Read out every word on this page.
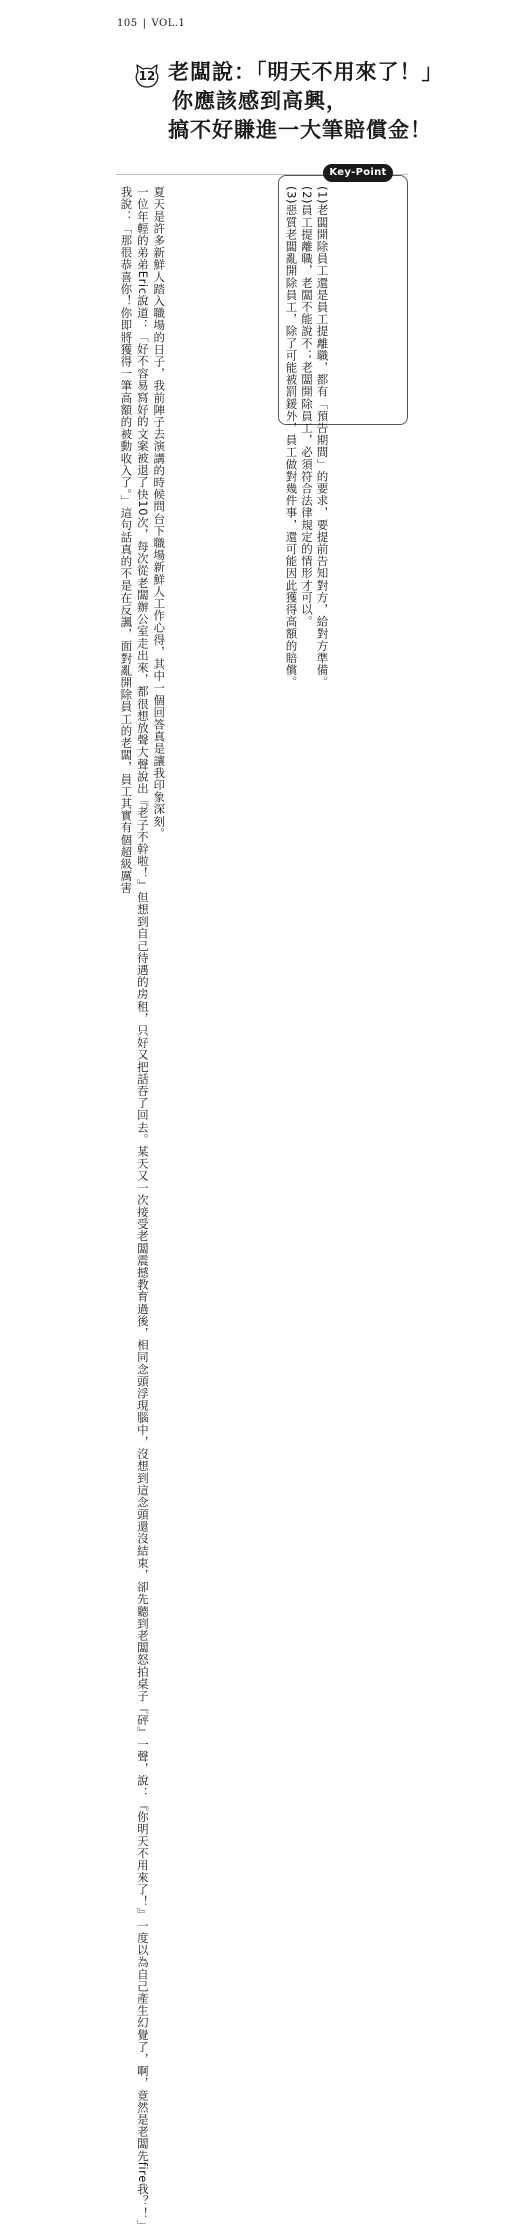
105 | VOL.1
12 老闆說：「明天不用來了！」
你應該感到高興，
搞不好賺進一大筆賠償金！
Key-Point

(1)老闆開除員工還是員工提離職，都有「預告期間」的要求，要提前告知對方，給對方準備。

(2)員工提離職，老闆不能說不；老闆開除員工，必須符合法律規定的情形才可以。

(3)惡質老闆亂開除員工，除了可能被罰鍰外，員工做對幾件事，還可能因此獲得高額的賠償。

夏天是許多新鮮人踏入職場的日子，我前陣子去演講的時候問台下職場新鮮人工作心得，其中一個回答真是讓我印象深刻。

一位年輕的弟弟Eric說道：「好不容易寫好的文案被退了快10次，每次從老闆辦公室走出來，都很想放聲大聲說出『老子不幹啦！』但想到自己待遇的房租，只好又把話吞了回去。某天又一次接受老闆震撼教育過後，相同念頭浮現腦中，沒想到這念頭還沒結束，卻先聽到老闆怒拍桌子『砰』一聲，說：『你明天不用來了！』一度以為自己產生幻覺了，啊，竟然是老闆先fire我？！」

我說：「那很恭喜你！你即將獲得一筆高額的被動收入了。」這句話真的不是在反諷，面對亂開除員工的老闆，員工其實有個超級厲害
